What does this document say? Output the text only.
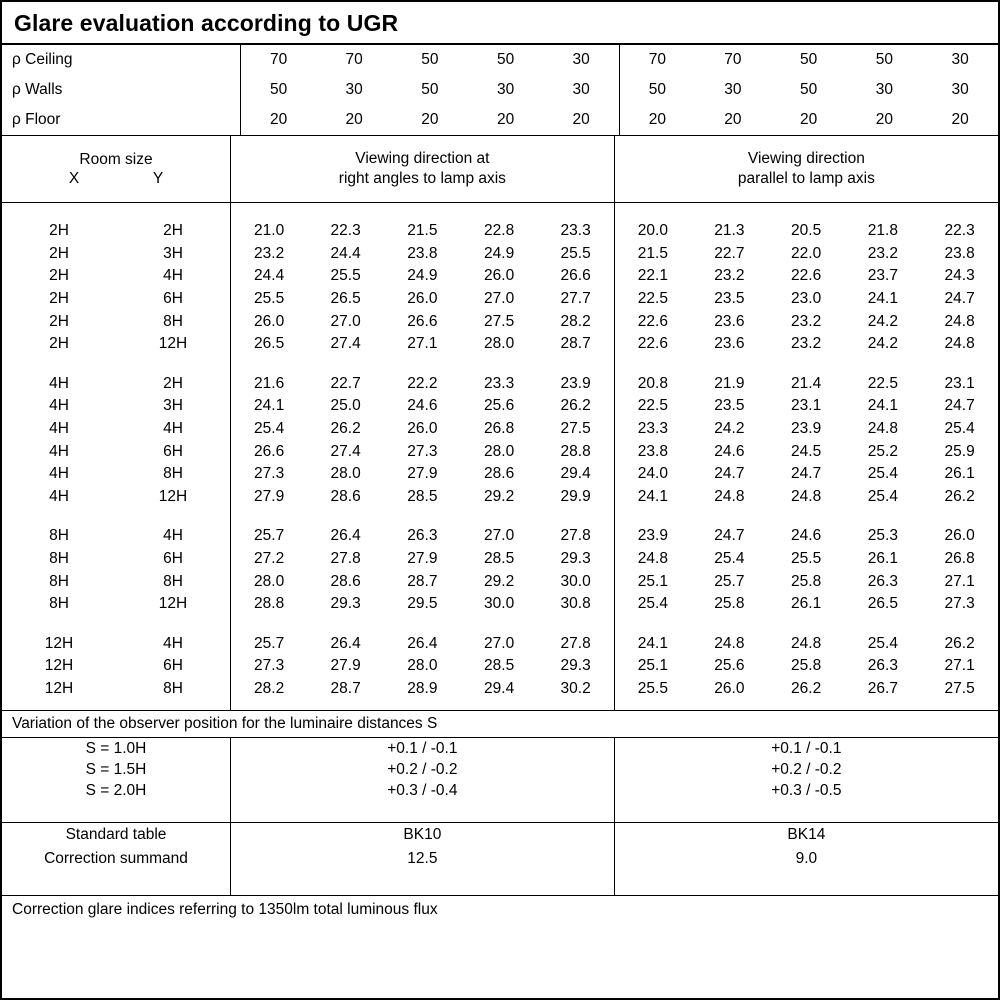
Glare evaluation according to UGR
ρ Ceiling	70	70	50	50	30	70	70	50	50	30
ρ Walls	50	30	50	30	30	50	30	50	30	30
ρ Floor	20	20	20	20	20	20	20	20	20	20
Room size
X	Y

Viewing direction at
right angles to lamp axis

Viewing direction
parallel to lamp axis

2H	2H	21.0	22.3	21.5	22.8	23.3	20.0	21.3	20.5	21.8	22.3
2H	3H	23.2	24.4	23.8	24.9	25.5	21.5	22.7	22.0	23.2	23.8
2H	4H	24.4	25.5	24.9	26.0	26.6	22.1	23.2	22.6	23.7	24.3
2H	6H	25.5	26.5	26.0	27.0	27.7	22.5	23.5	23.0	24.1	24.7
2H	8H	26.0	27.0	26.6	27.5	28.2	22.6	23.6	23.2	24.2	24.8
2H	12H	26.5	27.4	27.1	28.0	28.7	22.6	23.6	23.2	24.2	24.8

4H	2H	21.6	22.7	22.2	23.3	23.9	20.8	21.9	21.4	22.5	23.1
4H	3H	24.1	25.0	24.6	25.6	26.2	22.5	23.5	23.1	24.1	24.7
4H	4H	25.4	26.2	26.0	26.8	27.5	23.3	24.2	23.9	24.8	25.4
4H	6H	26.6	27.4	27.3	28.0	28.8	23.8	24.6	24.5	25.2	25.9
4H	8H	27.3	28.0	27.9	28.6	29.4	24.0	24.7	24.7	25.4	26.1
4H	12H	27.9	28.6	28.5	29.2	29.9	24.1	24.8	24.8	25.4	26.2

8H	4H	25.7	26.4	26.3	27.0	27.8	23.9	24.7	24.6	25.3	26.0
8H	6H	27.2	27.8	27.9	28.5	29.3	24.8	25.4	25.5	26.1	26.8
8H	8H	28.0	28.6	28.7	29.2	30.0	25.1	25.7	25.8	26.3	27.1
8H	12H	28.8	29.3	29.5	30.0	30.8	25.4	25.8	26.1	26.5	27.3

12H	4H	25.7	26.4	26.4	27.0	27.8	24.1	24.8	24.8	25.4	26.2
12H	6H	27.3	27.9	28.0	28.5	29.3	25.1	25.6	25.8	26.3	27.1
12H	8H	28.2	28.7	28.9	29.4	30.2	25.5	26.0	26.2	26.7	27.5

Variation of the observer position for the luminaire distances S
S = 1.0H	+0.1 / -0.1	+0.1 / -0.1
S = 1.5H	+0.2 / -0.2	+0.2 / -0.2
S = 2.0H	+0.3 / -0.4	+0.3 / -0.5

Standard table	BK10	BK14
Correction summand	12.5	9.0

Correction glare indices referring to 1350lm total luminous flux
